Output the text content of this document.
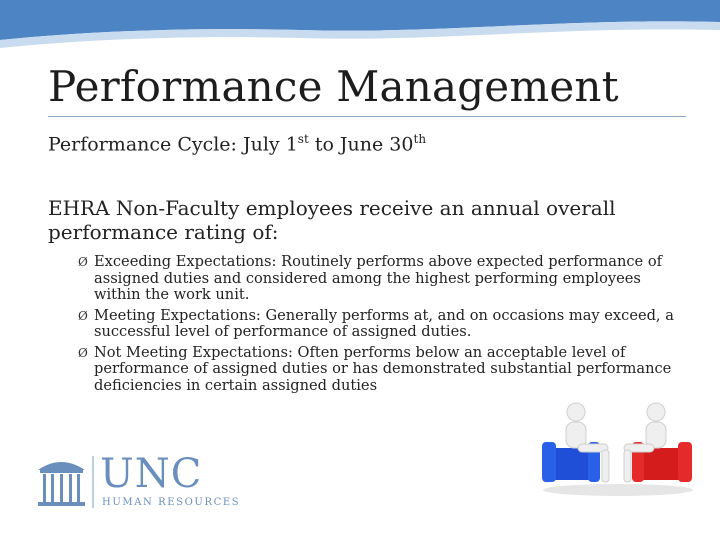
Performance Management
Performance Cycle: July 1st to June 30th
EHRA Non-Faculty employees receive an annual overall performance rating of:
Ø Exceeding Expectations: Routinely performs above expected performance of assigned duties and considered among the highest performing employees within the work unit.
Ø Meeting Expectations: Generally performs at, and on occasions may exceed, a successful level of performance of assigned duties.
Ø Not Meeting Expectations: Often performs below an acceptable level of performance of assigned duties or has demonstrated substantial performance deficiencies in certain assigned duties
UNC
HUMAN RESOURCES
